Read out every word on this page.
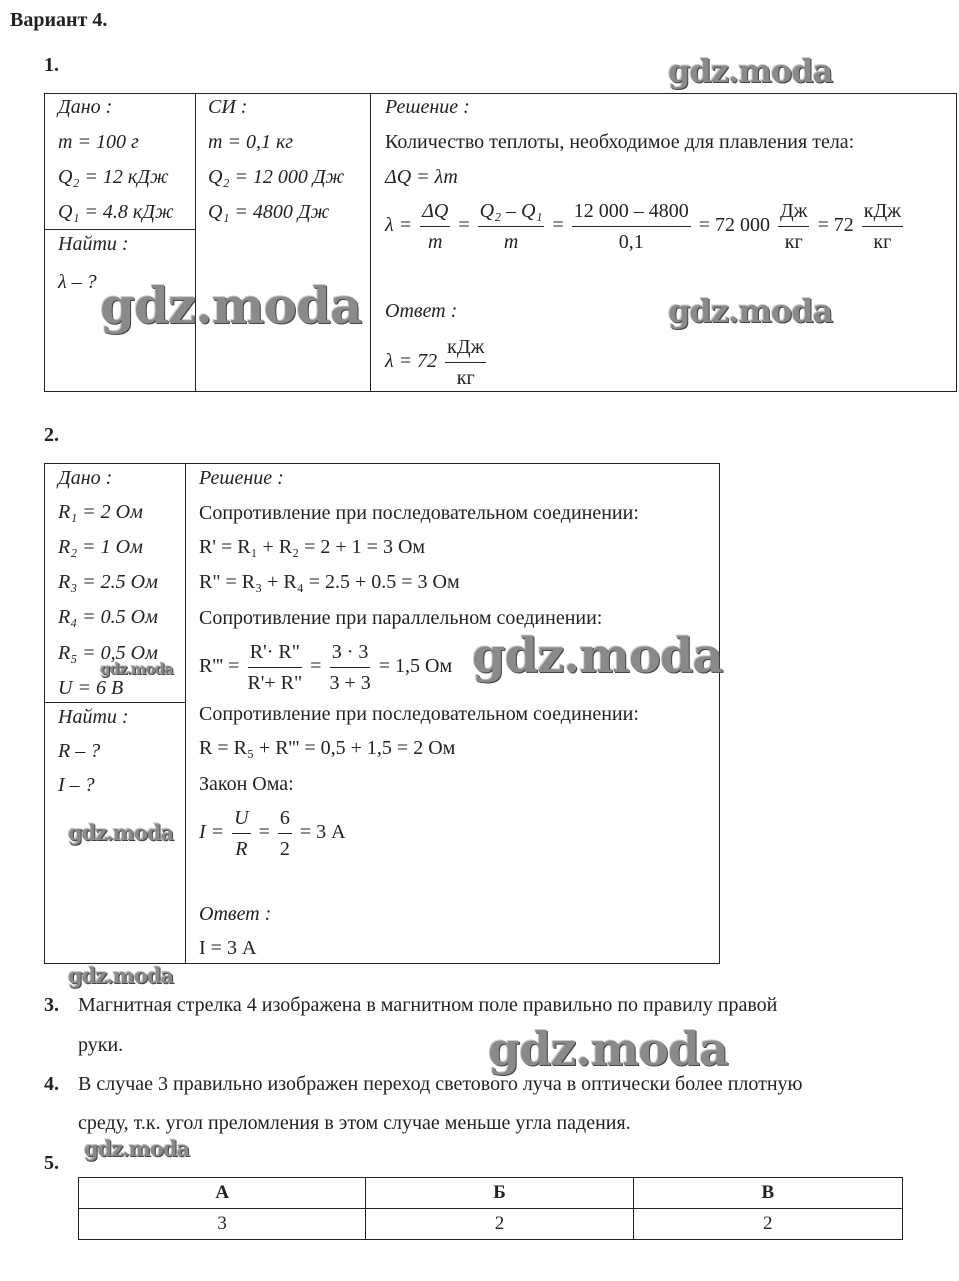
Вариант 4.
1.
Дано :
m = 100 г
Q₂ = 12 кДж
Q₁ = 4.8 кДж
Найти :
λ – ?
СИ :
m = 0,1 кг
Q₂ = 12 000 Дж
Q₁ = 4800 Дж
Решение :
Количество теплоты, необходимое для плавления тела:
ΔQ = λm
$\lambda = \frac{\Delta Q}{m} = \frac{\text{Q₂ – Q₁}}{m} = \frac{12 000 - 4800}{0,1} = 72$ $000 \frac{Дж}{кг} = 72 \frac{\text{кДж}}{кг}$
Ответ :
$\lambda = 72 \frac{\text{кДж}}{кг}$
2.
Дано :
R₁ = 2 Ом
R₂ = 1 Ом
R₃ = 2.5 Ом
R₄ = 0.5 Ом
R₅ = 0,5 Ом
U = 6 В
Найти :
R – ?
I – ?
Решение :
Сопротивление при последовательном соединении:
R' = R₁ + R₂ = 2 + 1 = 3 Ом
R" = R₃ + R₄ = 2.5 + 0.5 = 3 Ом
Сопротивление при параллельном соединении:
$R''' = \frac{R'\cdot R"}{R'+ R"} = \frac{3 \cdot 3}{3 + 3} = 1,5$ Ом
Сопротивление при последовательном соединении:
R = R₅ + R''' = 0,5 + 1,5 = 2 Ом
Закон Ома:
$I = \frac{U}{R} = \frac{6}{2} = 3$ А
Ответ :
I = 3 А
3. Магнитная стрелка 4 изображена в магнитном поле правильно по правилу правой
руки.
4. В случае 3 правильно изображен переход светового луча в оптически более плотную
среду, т.к. угол преломления в этом случае меньше угла падения.
5.
А	Б	В
3	2	2
gdz.moda
gdz.moda	gdz.moda
gdz.moda	gdz.moda
gdz.moda
gdz.moda
gdz.moda
gdz.moda
